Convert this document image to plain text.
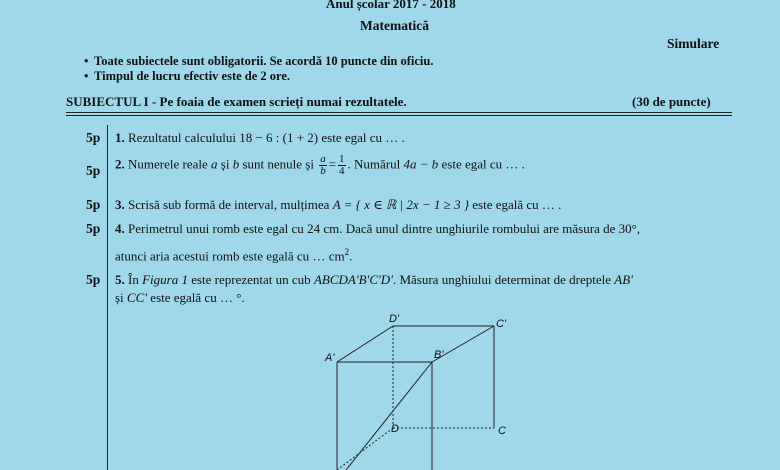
Anul școlar 2017 - 2018
Matematică
Simulare
• Toate subiectele sunt obligatorii. Se acordă 10 puncte din oficiu.
• Timpul de lucru efectiv este de 2 ore.
SUBIECTUL I - Pe foaia de examen scrieți numai rezultatele.	(30 de puncte)
5p 1. Rezultatul calculului 18 − 6 : (1 + 2) este egal cu … .
5p 2. Numerele reale a și b sunt nenule și $\frac{a}{b} = \frac{1}{4}$ . Numărul 4a − b este egal cu … .
5p 3. Scrisă sub formă de interval, mulțimea A = { x ∈ ℝ | 2x − 1 ≥ 3 } este egală cu … .
5p 4. Perimetrul unui romb este egal cu 24 cm. Dacă unul dintre unghiurile rombului are măsura de 30°,
atunci aria acestui romb este egală cu … $cm^2$.
5p 5. În Figura 1 este reprezentat un cub ABCDA'B'C'D'. Măsura unghiului determinat de dreptele AB'
și CC' este egală cu … °.
D'	C'
A'	B'
D	C
